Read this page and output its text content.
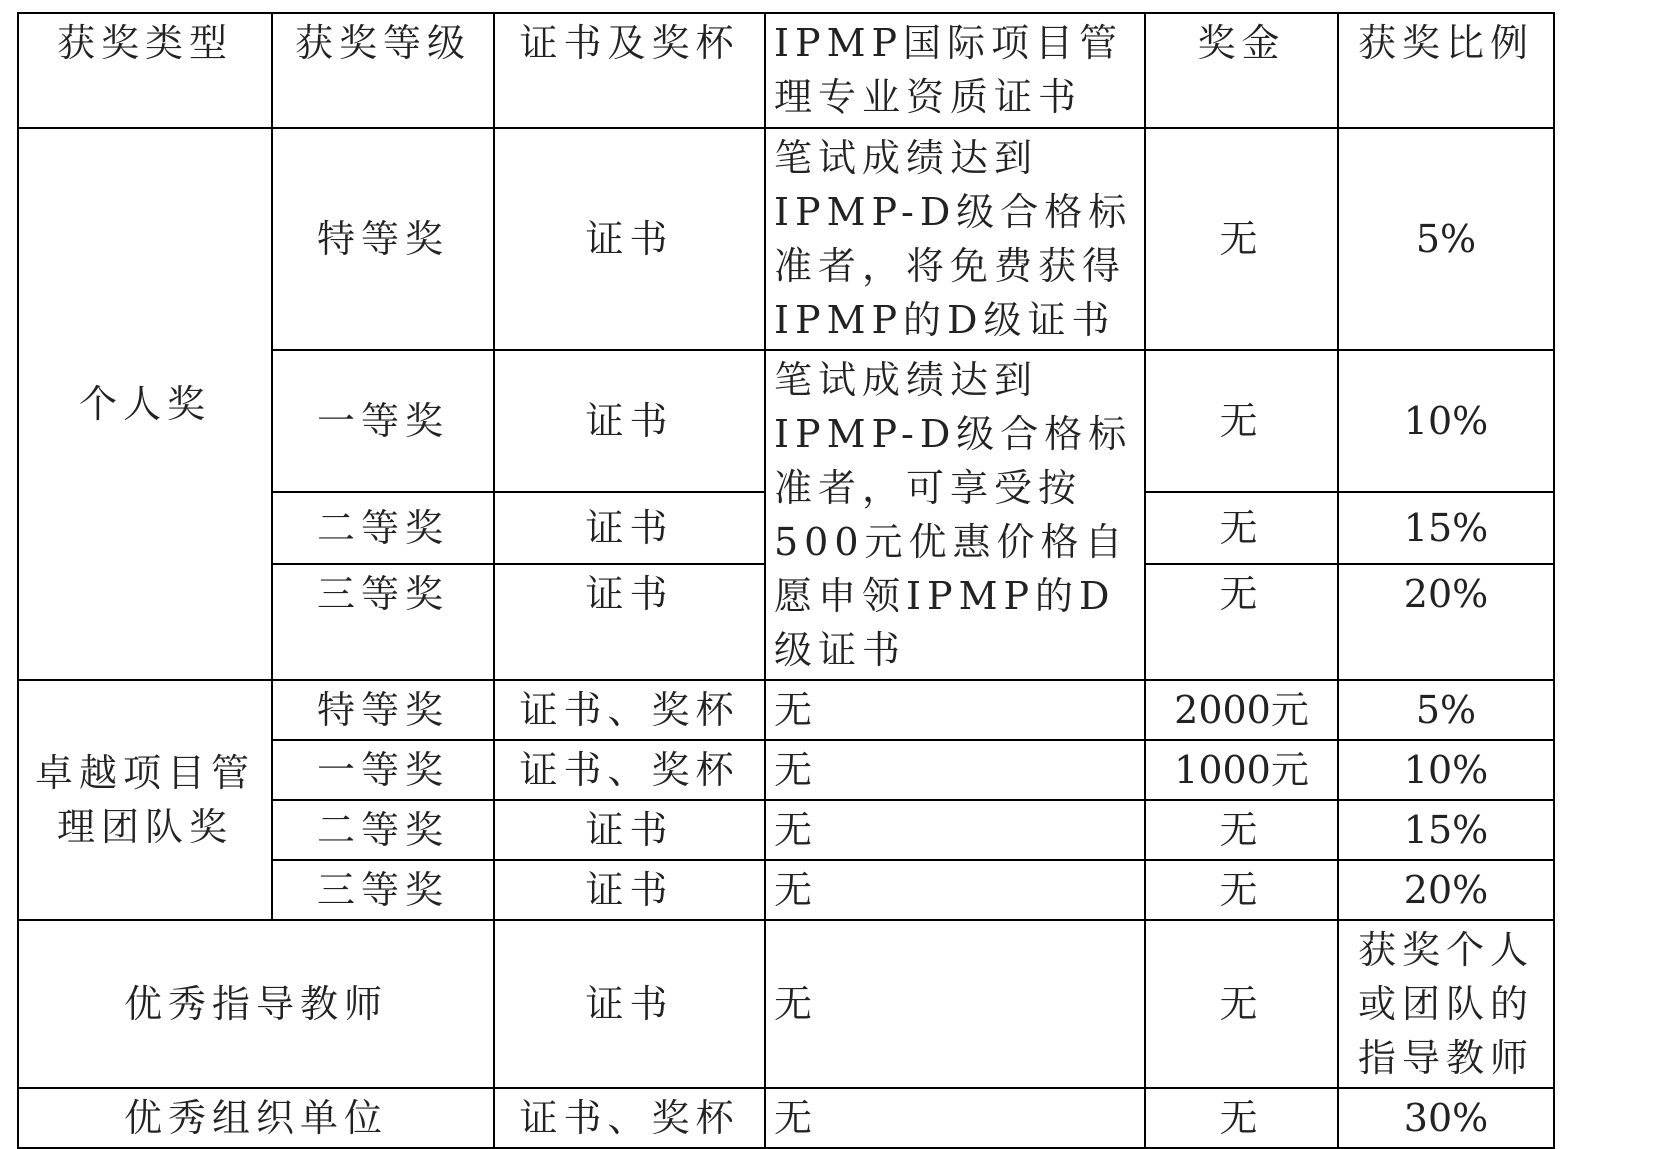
获奖类型	获奖等级	证书及奖杯	IPMP国际项目管理专业资质证书	奖金	获奖比例
个人奖	特等奖	证书	笔试成绩达到IPMP-D级合格标准者，将免费获得IPMP的D级证书	无	5%
	一等奖	证书	笔试成绩达到IPMP-D级合格标准者，可享受按500元优惠价格自愿申领IPMP的D级证书	无	10%
	二等奖	证书		无	15%
	三等奖	证书		无	20%
卓越项目管理团队奖	特等奖	证书、奖杯	无	2000元	5%
	一等奖	证书、奖杯	无	1000元	10%
	二等奖	证书	无	无	15%
	三等奖	证书	无	无	20%
优秀指导教师		证书	无	无	获奖个人或团队的指导教师
优秀组织单位		证书、奖杯	无	无	30%
